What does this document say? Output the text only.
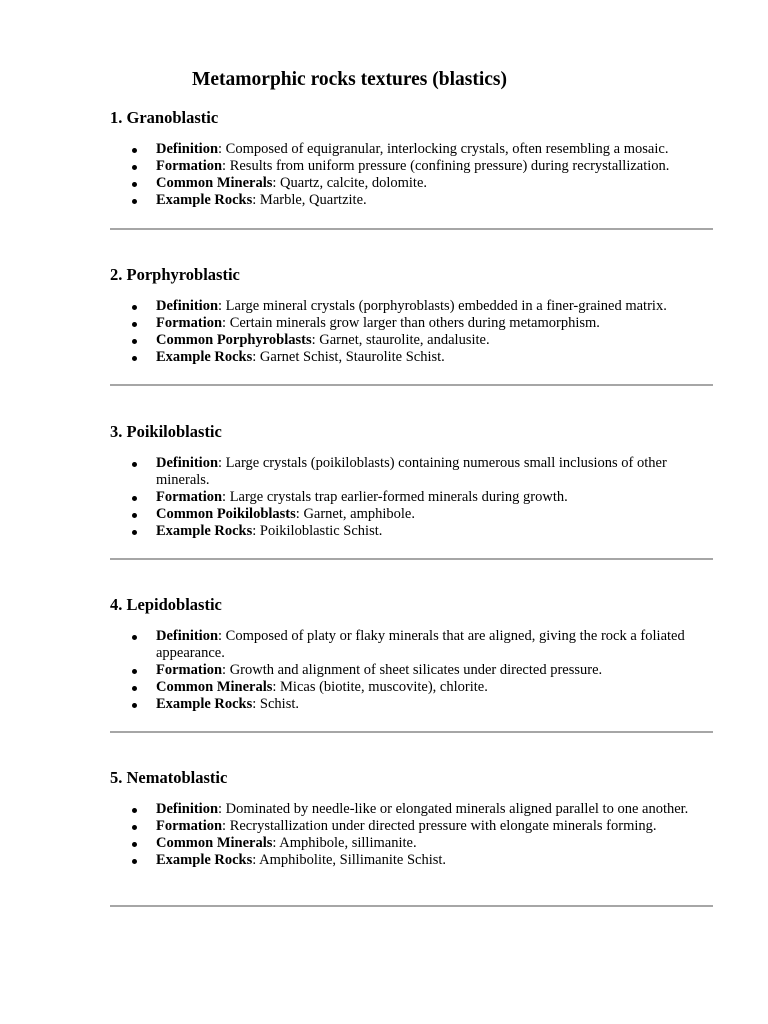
Metamorphic rocks textures (blastics)
1. Granoblastic
Definition: Composed of equigranular, interlocking crystals, often resembling a mosaic.
Formation: Results from uniform pressure (confining pressure) during recrystallization.
Common Minerals: Quartz, calcite, dolomite.
Example Rocks: Marble, Quartzite.
2. Porphyroblastic
Definition: Large mineral crystals (porphyroblasts) embedded in a finer-grained matrix.
Formation: Certain minerals grow larger than others during metamorphism.
Common Porphyroblasts: Garnet, staurolite, andalusite.
Example Rocks: Garnet Schist, Staurolite Schist.
3. Poikiloblastic
Definition: Large crystals (poikiloblasts) containing numerous small inclusions of other minerals.
Formation: Large crystals trap earlier-formed minerals during growth.
Common Poikiloblasts: Garnet, amphibole.
Example Rocks: Poikiloblastic Schist.
4. Lepidoblastic
Definition: Composed of platy or flaky minerals that are aligned, giving the rock a foliated appearance.
Formation: Growth and alignment of sheet silicates under directed pressure.
Common Minerals: Micas (biotite, muscovite), chlorite.
Example Rocks: Schist.
5. Nematoblastic
Definition: Dominated by needle-like or elongated minerals aligned parallel to one another.
Formation: Recrystallization under directed pressure with elongate minerals forming.
Common Minerals: Amphibole, sillimanite.
Example Rocks: Amphibolite, Sillimanite Schist.
